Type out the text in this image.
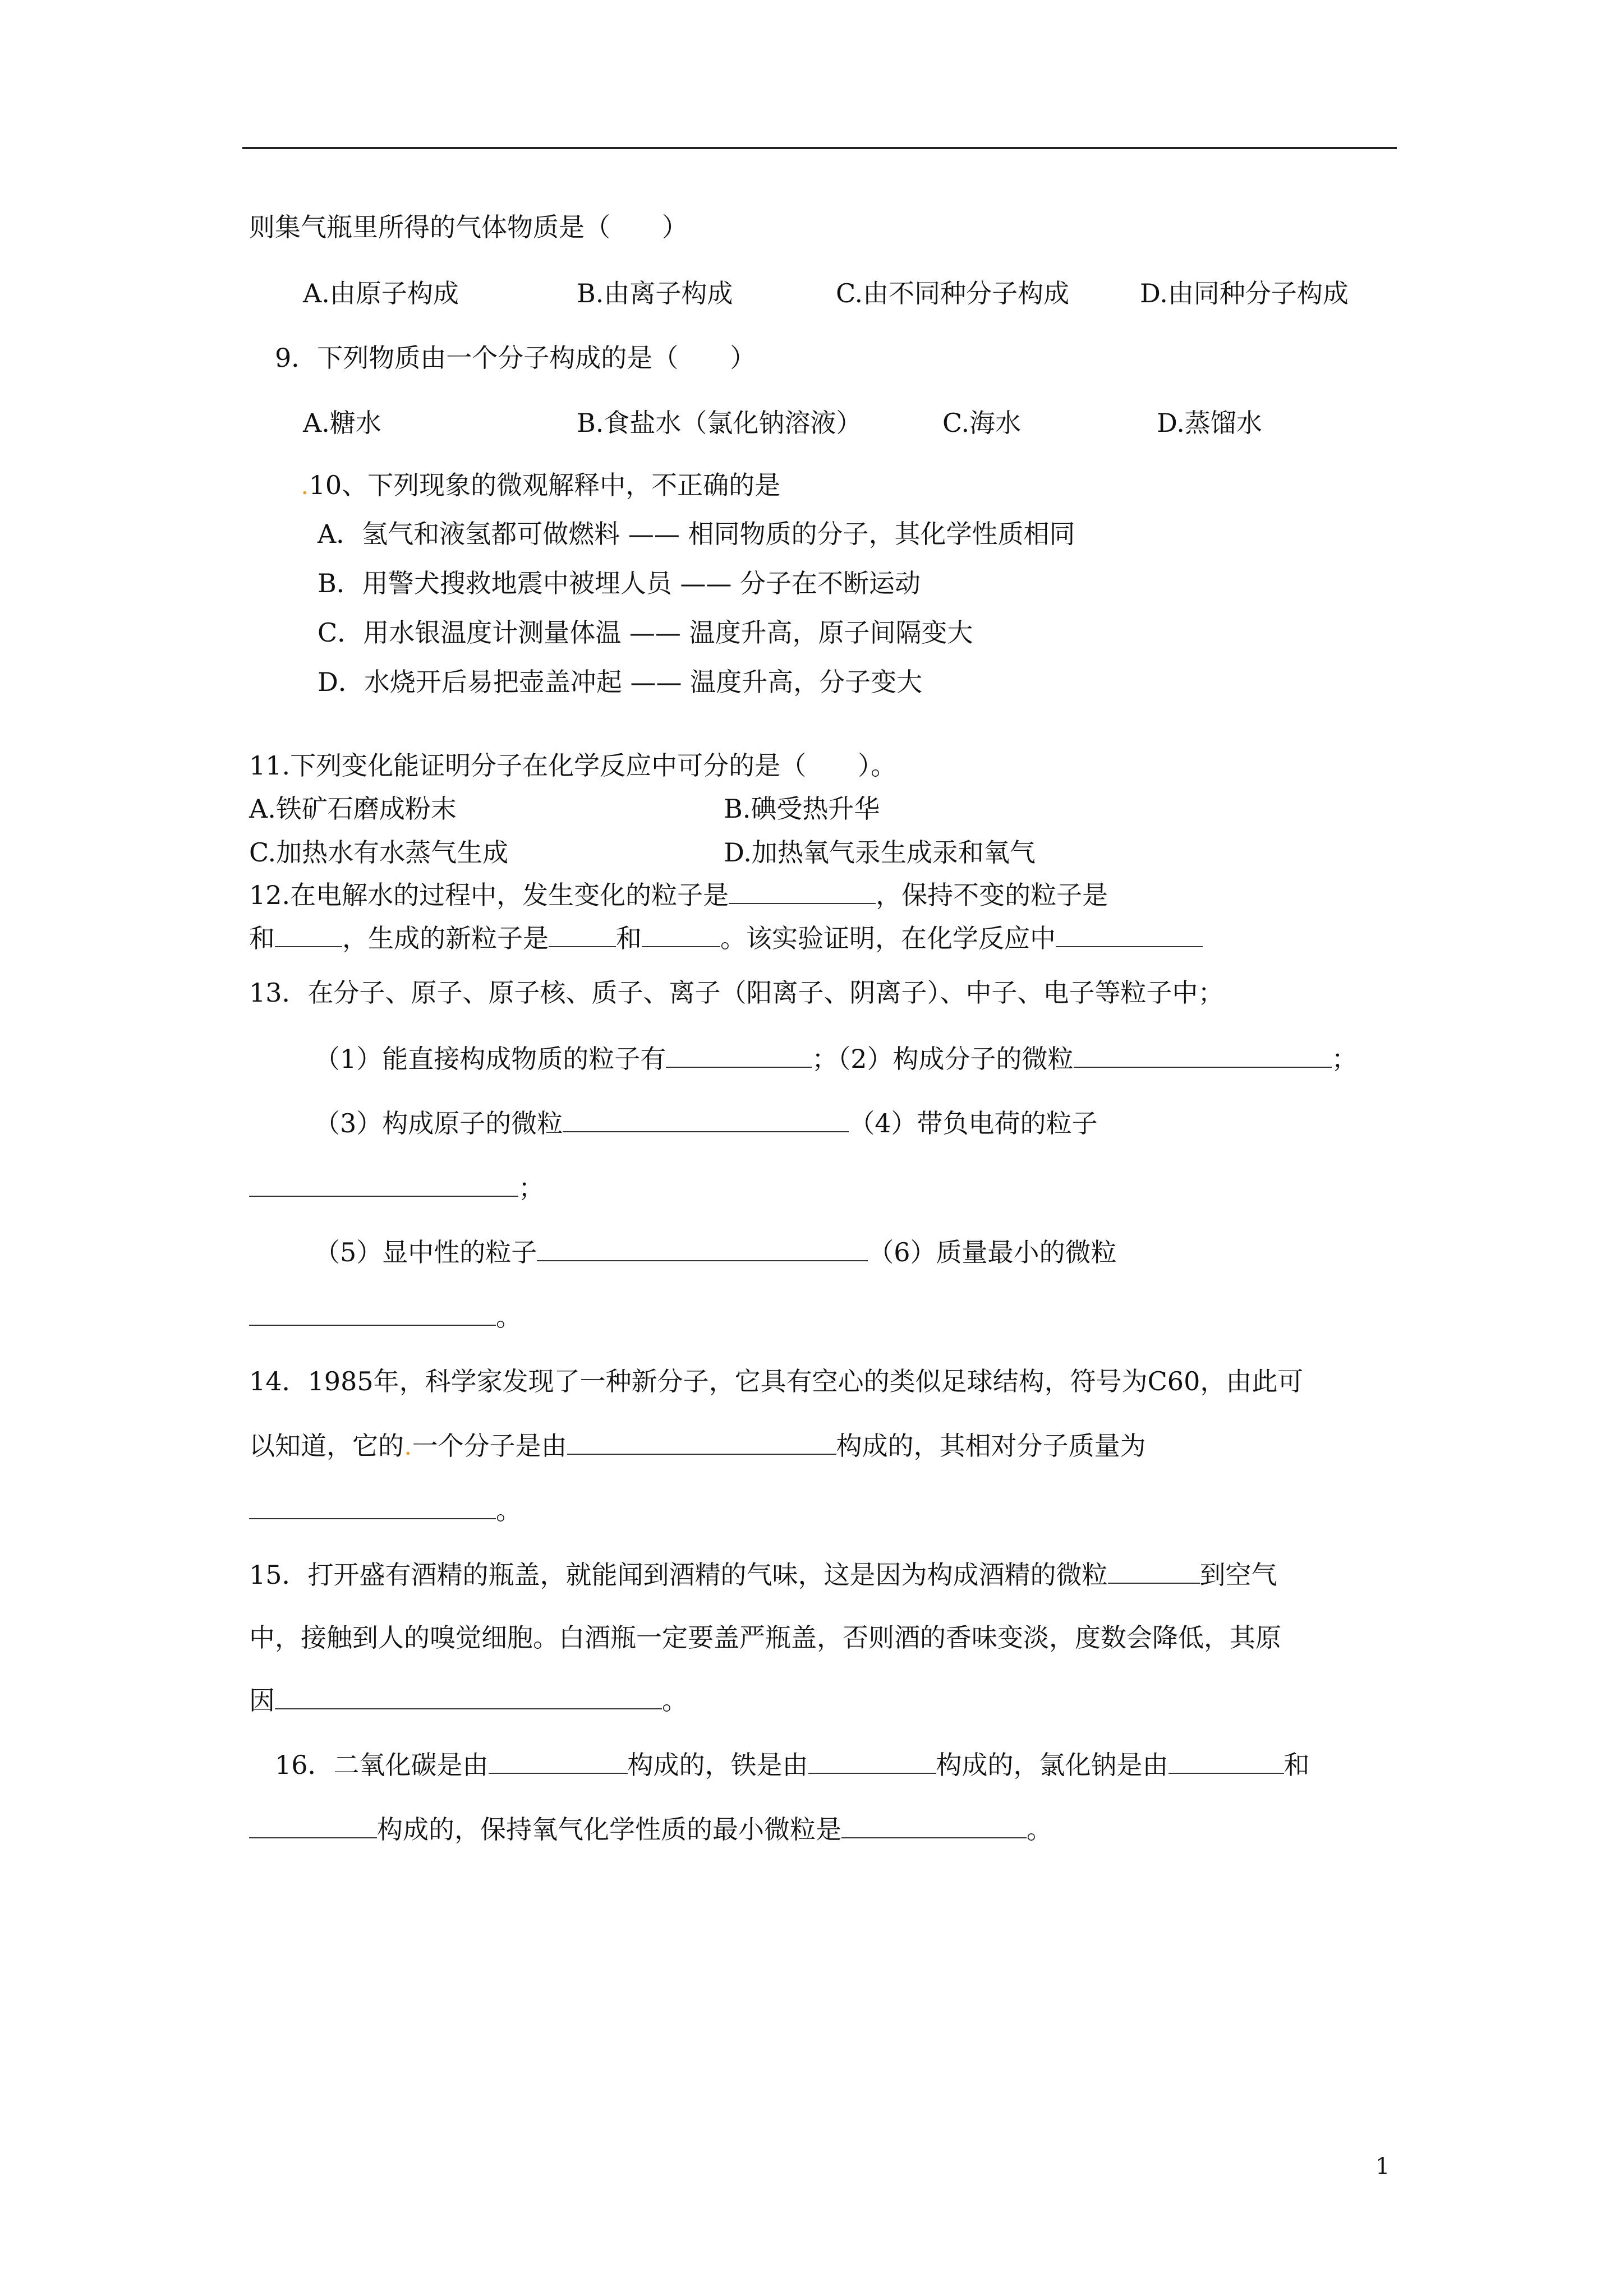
则集气瓶里所得的气体物质是（　　）
A.由原子构成	B.由离子构成	C.由不同种分子构成	D.由同种分子构成
9．下列物质由一个分子构成的是（　　）
A.糖水	B.食盐水（氯化钠溶液）	C.海水	D.蒸馏水
.10、下列现象的微观解释中，不正确的是
A．氢气和液氢都可做燃料 —— 相同物质的分子，其化学性质相同
B．用警犬搜救地震中被埋人员 —— 分子在不断运动
C．用水银温度计测量体温 —— 温度升高，原子间隔变大
D．水烧开后易把壶盖冲起 —— 温度升高，分子变大
11.下列变化能证明分子在化学反应中可分的是（　　）。
A.铁矿石磨成粉末	B.碘受热升华
C.加热水有水蒸气生成	D.加热氧气汞生成汞和氧气
12.在电解水的过程中，发生变化的粒子是	，保持不变的粒子是
和	，生成的新粒子是	和	。该实验证明，在化学反应中
13．在分子、原子、原子核、质子、离子（阳离子、阴离子）、中子、电子等粒子中；
（1）能直接构成物质的粒子有	；（2）构成分子的微粒	；
（3）构成原子的微粒	（4）带负电荷的粒子
；
（5）显中性的粒子	（6）质量最小的微粒
。
14．1985年，科学家发现了一种新分子，它具有空心的类似足球结构，符号为C60，由此可
以知道，它的.一个分子是由	构成的，其相对分子质量为
。
15．打开盛有酒精的瓶盖，就能闻到酒精的气味，这是因为构成酒精的微粒	到空气
中，接触到人的嗅觉细胞。白酒瓶一定要盖严瓶盖，否则酒的香味变淡，度数会降低，其原
因	。
16．二氧化碳是由	构成的，铁是由	构成的，氯化钠是由	和
构成的，保持氧气化学性质的最小微粒是	。
1
